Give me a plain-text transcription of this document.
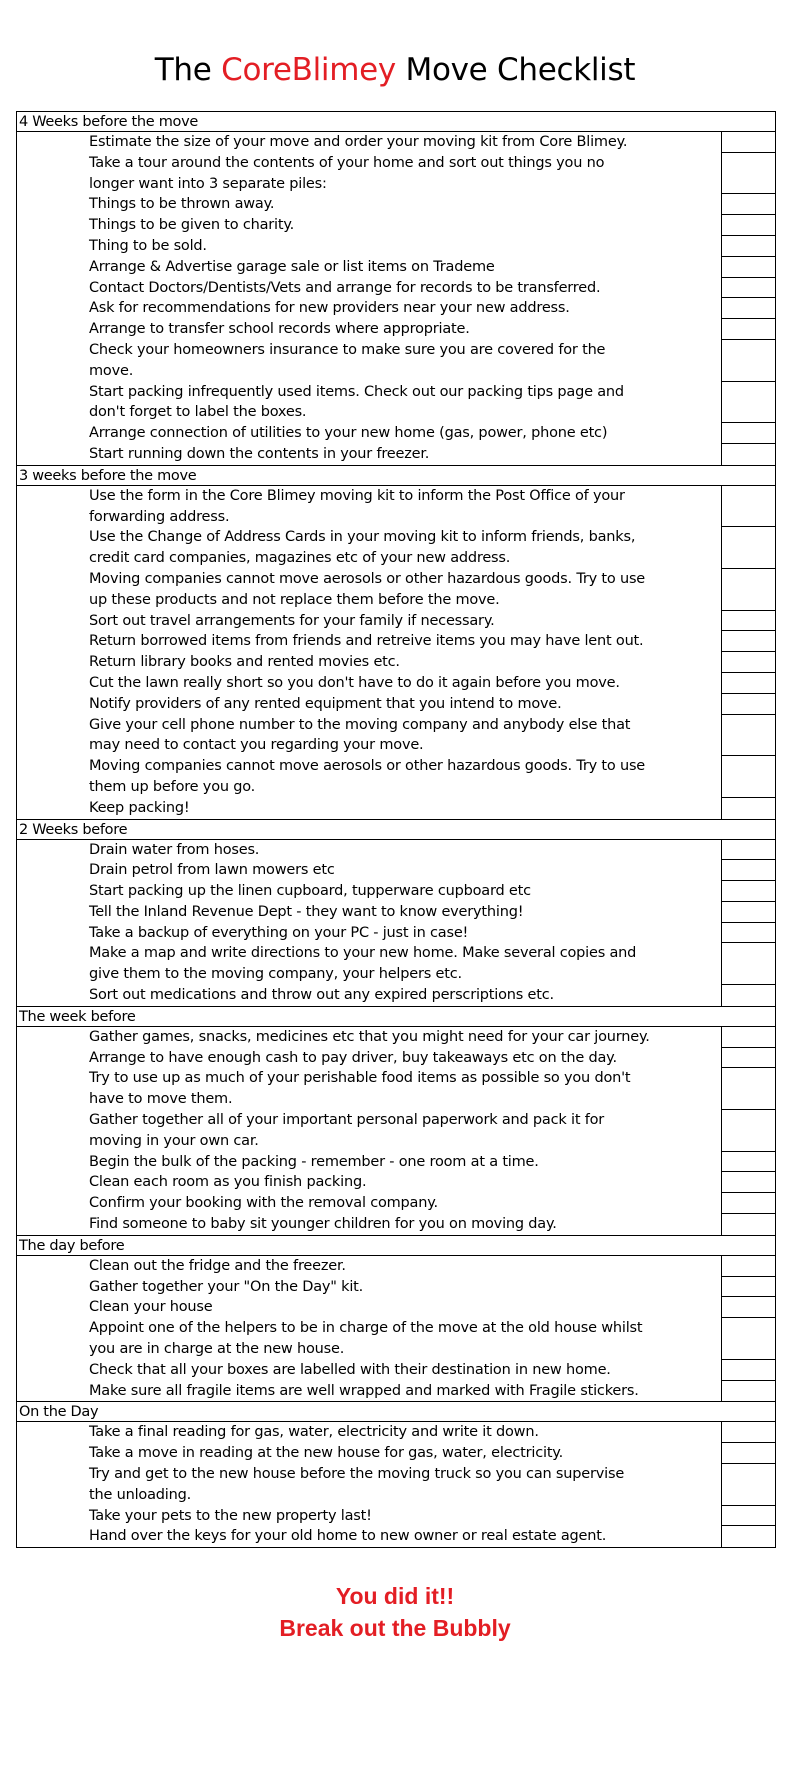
The CoreBlimey Move Checklist
4 Weeks before the move
Estimate the size of your move and order your moving kit from Core Blimey.
Take a tour around the contents of your home and sort out things you no
longer want into 3 separate piles:
Things to be thrown away.
Things to be given to charity.
Thing to be sold.
Arrange & Advertise garage sale or list items on Trademe
Contact Doctors/Dentists/Vets and arrange for records to be transferred.
Ask for recommendations for new providers near your new address.
Arrange to transfer school records where appropriate.
Check your homeowners insurance to make sure you are covered for the
move.
Start packing infrequently used items. Check out our packing tips page and
don't forget to label the boxes.
Arrange connection of utilities to your new home (gas, power, phone etc)
Start running down the contents in your freezer.
3 weeks before the move
Use the form in the Core Blimey moving kit to inform the Post Office of your
forwarding address.
Use the Change of Address Cards in your moving kit to inform friends, banks,
credit card companies, magazines etc of your new address.
Moving companies cannot move aerosols or other hazardous goods. Try to use
up these products and not replace them before the move.
Sort out travel arrangements for your family if necessary.
Return borrowed items from friends and retreive items you may have lent out.
Return library books and rented movies etc.
Cut the lawn really short so you don't have to do it again before you move.
Notify providers of any rented equipment that you intend to move.
Give your cell phone number to the moving company and anybody else that
may need to contact you regarding your move.
Moving companies cannot move aerosols or other hazardous goods. Try to use
them up before you go.
Keep packing!
2 Weeks before
Drain water from hoses.
Drain petrol from lawn mowers etc
Start packing up the linen cupboard, tupperware cupboard etc
Tell the Inland Revenue Dept - they want to know everything!
Take a backup of everything on your PC - just in case!
Make a map and write directions to your new home. Make several copies and
give them to the moving company, your helpers etc.
Sort out medications and throw out any expired perscriptions etc.
The week before
Gather games, snacks, medicines etc that you might need for your car journey.
Arrange to have enough cash to pay driver, buy takeaways etc on the day.
Try to use up as much of your perishable food items as possible so you don't
have to move them.
Gather together all of your important personal paperwork and pack it for
moving in your own car.
Begin the bulk of the packing - remember - one room at a time.
Clean each room as you finish packing.
Confirm your booking with the removal company.
Find someone to baby sit younger children for you on moving day.
The day before
Clean out the fridge and the freezer.
Gather together your "On the Day" kit.
Clean your house
Appoint one of the helpers to be in charge of the move at the old house whilst
you are in charge at the new house.
Check that all your boxes are labelled with their destination in new home.
Make sure all fragile items are well wrapped and marked with Fragile stickers.
On the Day
Take a final reading for gas, water, electricity and write it down.
Take a move in reading at the new house for gas, water, electricity.
Try and get to the new house before the moving truck so you can supervise
the unloading.
Take your pets to the new property last!
Hand over the keys for your old home to new owner or real estate agent.
You did it!!
Break out the Bubbly
